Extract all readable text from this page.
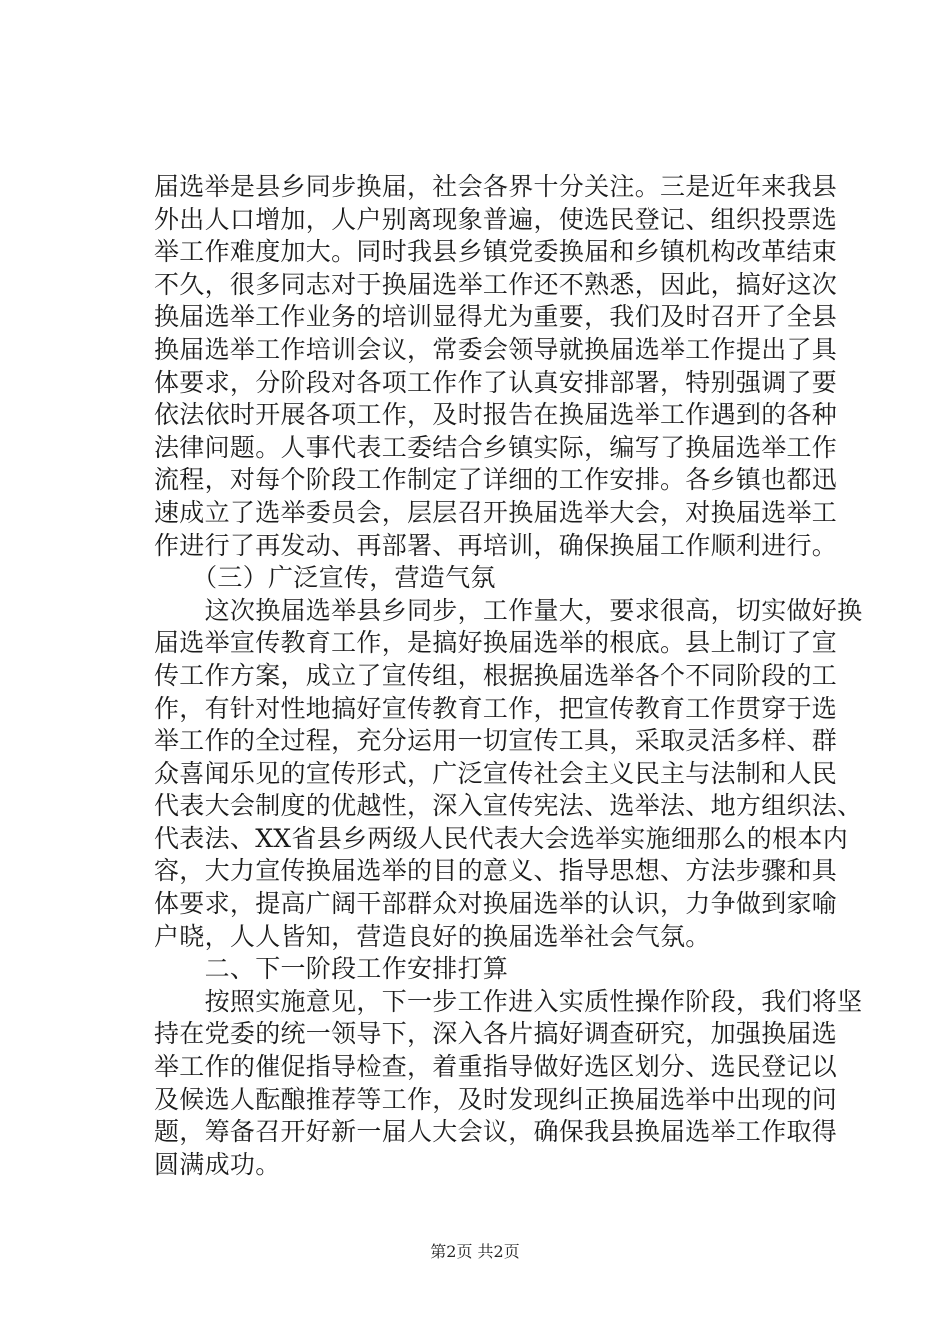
届选举是县乡同步换届，社会各界十分关注。三是近年来我县
外出人口增加，人户别离现象普遍，使选民登记、组织投票选
举工作难度加大。同时我县乡镇党委换届和乡镇机构改革结束
不久，很多同志对于换届选举工作还不熟悉，因此，搞好这次
换届选举工作业务的培训显得尤为重要，我们及时召开了全县
换届选举工作培训会议，常委会领导就换届选举工作提出了具
体要求，分阶段对各项工作作了认真安排部署，特别强调了要
依法依时开展各项工作，及时报告在换届选举工作遇到的各种
法律问题。人事代表工委结合乡镇实际，编写了换届选举工作
流程，对每个阶段工作制定了详细的工作安排。各乡镇也都迅
速成立了选举委员会，层层召开换届选举大会，对换届选举工
作进行了再发动、再部署、再培训，确保换届工作顺利进行。
　　（三）广泛宣传，营造气氛
　　这次换届选举县乡同步，工作量大，要求很高，切实做好换
届选举宣传教育工作，是搞好换届选举的根底。县上制订了宣
传工作方案，成立了宣传组，根据换届选举各个不同阶段的工
作，有针对性地搞好宣传教育工作，把宣传教育工作贯穿于选
举工作的全过程，充分运用一切宣传工具，采取灵活多样、群
众喜闻乐见的宣传形式，广泛宣传社会主义民主与法制和人民
代表大会制度的优越性，深入宣传宪法、选举法、地方组织法、
代表法、XX省县乡两级人民代表大会选举实施细那么的根本内
容，大力宣传换届选举的目的意义、指导思想、方法步骤和具
体要求，提高广阔干部群众对换届选举的认识，力争做到家喻
户晓，人人皆知，营造良好的换届选举社会气氛。
　　二、下一阶段工作安排打算
　　按照实施意见，下一步工作进入实质性操作阶段，我们将坚
持在党委的统一领导下，深入各片搞好调查研究，加强换届选
举工作的催促指导检查，着重指导做好选区划分、选民登记以
及候选人酝酿推荐等工作，及时发现纠正换届选举中出现的问
题，筹备召开好新一届人大会议，确保我县换届选举工作取得
圆满成功。
第2页 共2页
